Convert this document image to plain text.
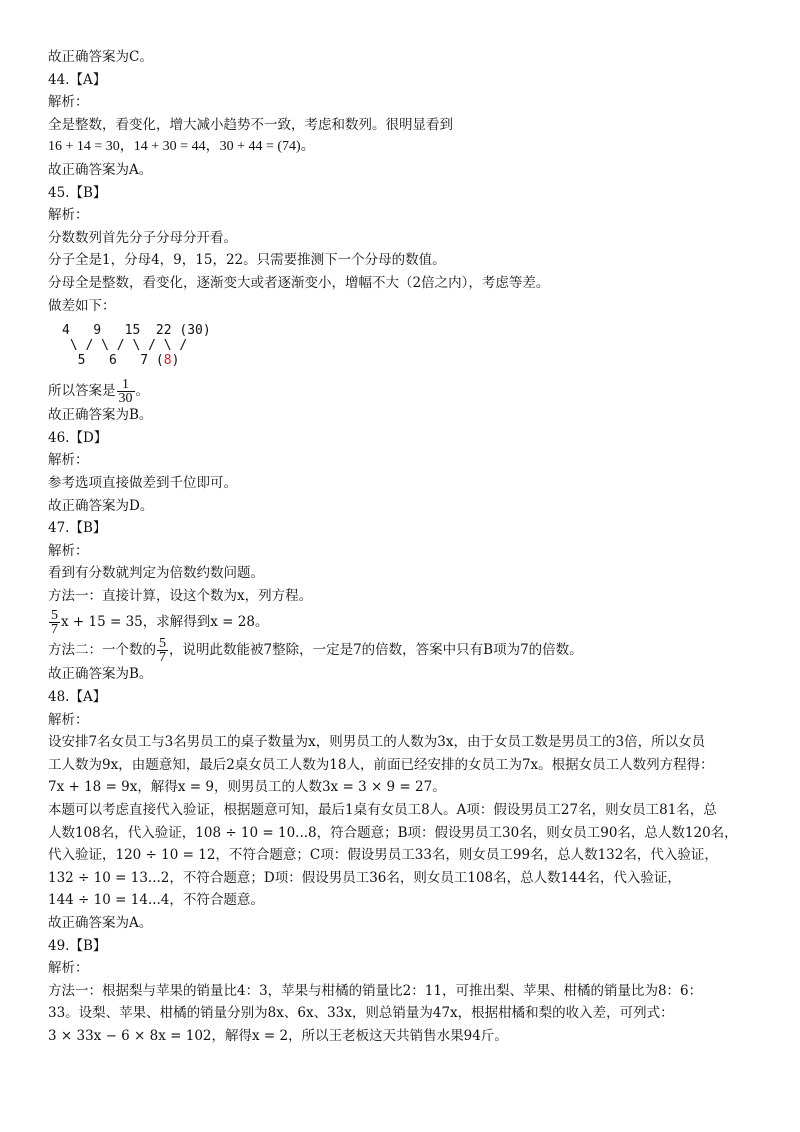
故正确答案为C。
44.【A】
解析：
全是整数，看变化，增大减小趋势不一致，考虑和数列。很明显看到
16 + 14 = 30，14 + 30 = 44，30 + 44 = (74)。
故正确答案为A。
45.【B】
解析：
分数数列首先分子分母分开看。
分子全是1，分母4，9，15，22。只需要推测下一个分母的数值。
分母全是整数，看变化，逐渐变大或者逐渐变小，增幅不大（2倍之内），考虑等差。
做差如下：
4   9   15  22 (30)
\ / \ / \ / \ /
5   6   7 (8)
所以答案是 $\frac{1}{30}$ 。
故正确答案为B。
46.【D】
解析：
参考选项直接做差到千位即可。
故正确答案为D。
47.【B】
解析：
看到有分数就判定为倍数约数问题。
方法一：直接计算，设这个数为x，列方程。
$\frac{5}{7}$ x + 15 = 35，求解得到x = 28。
方法二：一个数的 $\frac{5}{7}$ ，说明此数能被7整除，一定是7的倍数，答案中只有B项为7的倍数。
故正确答案为B。
48.【A】
解析：
设安排7名女员工与3名男员工的桌子数量为x，则男员工的人数为3x，由于女员工数是男员工的3倍，所以女员
工人数为9x，由题意知，最后2桌女员工人数为18人，前面已经安排的女员工为7x。根据女员工人数列方程得：
7x + 18 = 9x，解得x = 9，则男员工的人数3x = 3 × 9 = 27。
本题可以考虑直接代入验证，根据题意可知，最后1桌有女员工8人。A项：假设男员工27名，则女员工81名，总
人数108名，代入验证，108 ÷ 10 = 10...8，符合题意；B项：假设男员工30名，则女员工90名，总人数120名，
代入验证，120 ÷ 10 = 12，不符合题意；C项：假设男员工33名，则女员工99名，总人数132名，代入验证，
132 ÷ 10 = 13...2，不符合题意；D项：假设男员工36名，则女员工108名，总人数144名，代入验证，
144 ÷ 10 = 14...4，不符合题意。
故正确答案为A。
49.【B】
解析：
方法一：根据梨与苹果的销量比4：3，苹果与柑橘的销量比2：11，可推出梨、苹果、柑橘的销量比为8：6：
33。设梨、苹果、柑橘的销量分别为8x、6x、33x，则总销量为47x，根据柑橘和梨的收入差，可列式：
3 × 33x − 6 × 8x = 102，解得x = 2，所以王老板这天共销售水果94斤。
